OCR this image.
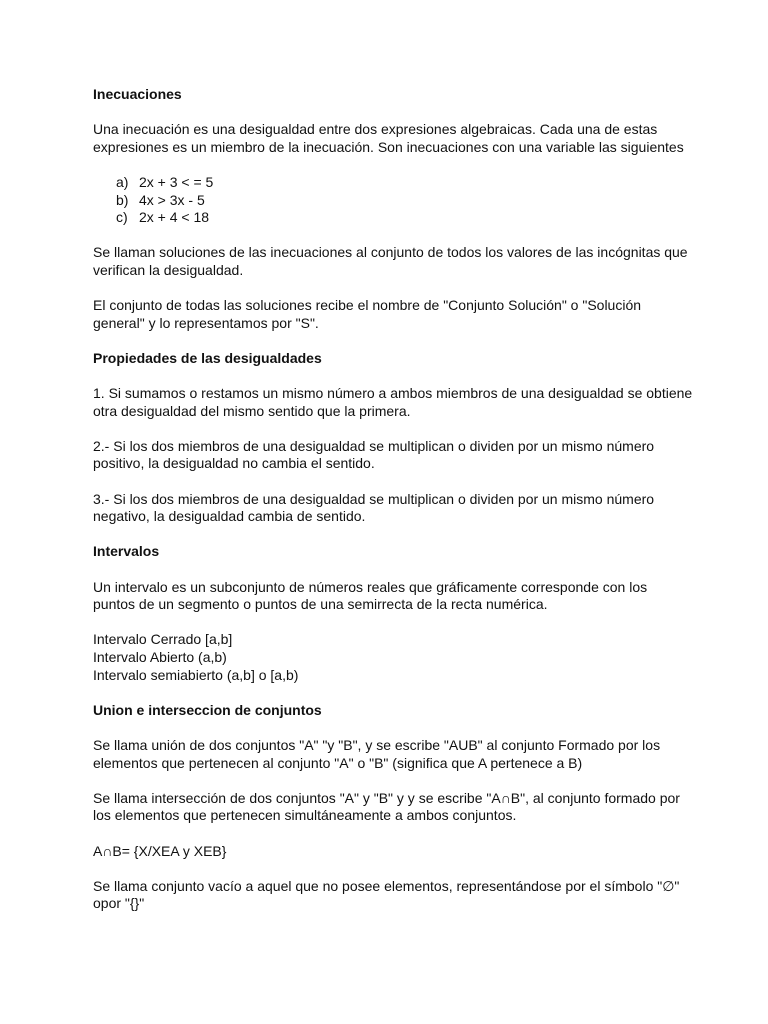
Inecuaciones

Una inecuación es una desigualdad entre dos expresiones algebraicas. Cada una de estas expresiones es un miembro de la inecuación. Son inecuaciones con una variable las siguientes

a) 2x + 3 < = 5
b) 4x > 3x - 5
c) 2x + 4 < 18

Se llaman soluciones de las inecuaciones al conjunto de todos los valores de las incógnitas que verifican la desigualdad.

El conjunto de todas las soluciones recibe el nombre de "Conjunto Solución" o "Solución general" y lo representamos por "S".

Propiedades de las desigualdades

1. Si sumamos o restamos un mismo número a ambos miembros de una desigualdad se obtiene otra desigualdad del mismo sentido que la primera.

2.- Si los dos miembros de una desigualdad se multiplican o dividen por un mismo número positivo, la desigualdad no cambia el sentido.

3.- Si los dos miembros de una desigualdad se multiplican o dividen por un mismo número negativo, la desigualdad cambia de sentido.

Intervalos

Un intervalo es un subconjunto de números reales que gráficamente corresponde con los puntos de un segmento o puntos de una semirrecta de la recta numérica.

Intervalo Cerrado [a,b]
Intervalo Abierto (a,b)
Intervalo semiabierto (a,b] o [a,b)
Union e interseccion de conjuntos

Se llama unión de dos conjuntos "A" "y "B", y se escribe "AUB" al conjunto Formado por los elementos que pertenecen al conjunto "A" o "B" (significa que A pertenece a B)

Se llama intersección de dos conjuntos "A" y "B" y y se escribe "A∩B", al conjunto formado por los elementos que pertenecen simultáneamente a ambos conjuntos.

A∩B= {X/XEA y XEB}

Se llama conjunto vacío a aquel que no posee elementos, representándose por el símbolo "∅" opor "{}"
